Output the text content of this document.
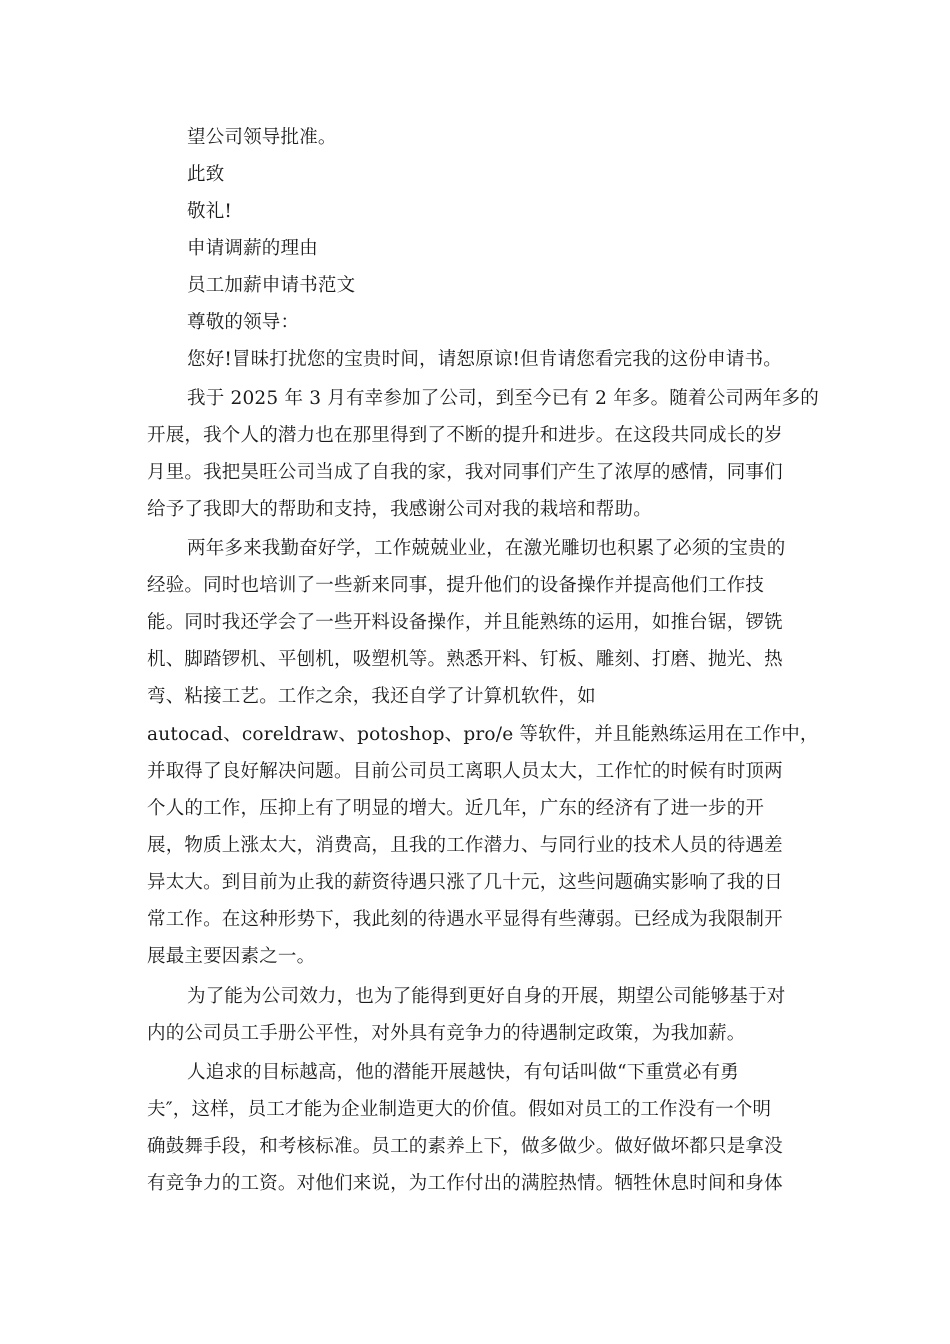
望公司领导批准。
此致
敬礼!
申请调薪的理由
员工加薪申请书范文
尊敬的领导：
您好!冒昧打扰您的宝贵时间，请恕原谅!但肯请您看完我的这份申请书。
我于 2025 年 3 月有幸参加了公司，到至今已有 2 年多。随着公司两年多的
开展，我个人的潜力也在那里得到了不断的提升和进步。在这段共同成长的岁
月里。我把昊旺公司当成了自我的家，我对同事们产生了浓厚的感情，同事们
给予了我即大的帮助和支持，我感谢公司对我的栽培和帮助。
两年多来我勤奋好学，工作兢兢业业，在激光雕切也积累了必须的宝贵的
经验。同时也培训了一些新来同事，提升他们的设备操作并提高他们工作技
能。同时我还学会了一些开料设备操作，并且能熟练的运用，如推台锯，锣铣
机、脚踏锣机、平刨机，吸塑机等。熟悉开料、钉板、雕刻、打磨、抛光、热
弯、粘接工艺。工作之余，我还自学了计算机软件，如
autocad、coreldraw、potoshop、pro/e 等软件，并且能熟练运用在工作中，
并取得了良好解决问题。目前公司员工离职人员太大，工作忙的时候有时顶两
个人的工作，压抑上有了明显的增大。近几年，广东的经济有了进一步的开
展，物质上涨太大，消费高，且我的工作潜力、与同行业的技术人员的待遇差
异太大。到目前为止我的薪资待遇只涨了几十元，这些问题确实影响了我的日
常工作。在这种形势下，我此刻的待遇水平显得有些薄弱。已经成为我限制开
展最主要因素之一。
为了能为公司效力，也为了能得到更好自身的开展，期望公司能够基于对
内的公司员工手册公平性，对外具有竞争力的待遇制定政策，为我加薪。
人追求的目标越高，他的潜能开展越快，有句话叫做“下重赏必有勇
夫″，这样，员工才能为企业制造更大的价值。假如对员工的工作没有一个明
确鼓舞手段，和考核标准。员工的素养上下，做多做少。做好做坏都只是拿没
有竞争力的工资。对他们来说，为工作付出的满腔热情。牺牲休息时间和身体
